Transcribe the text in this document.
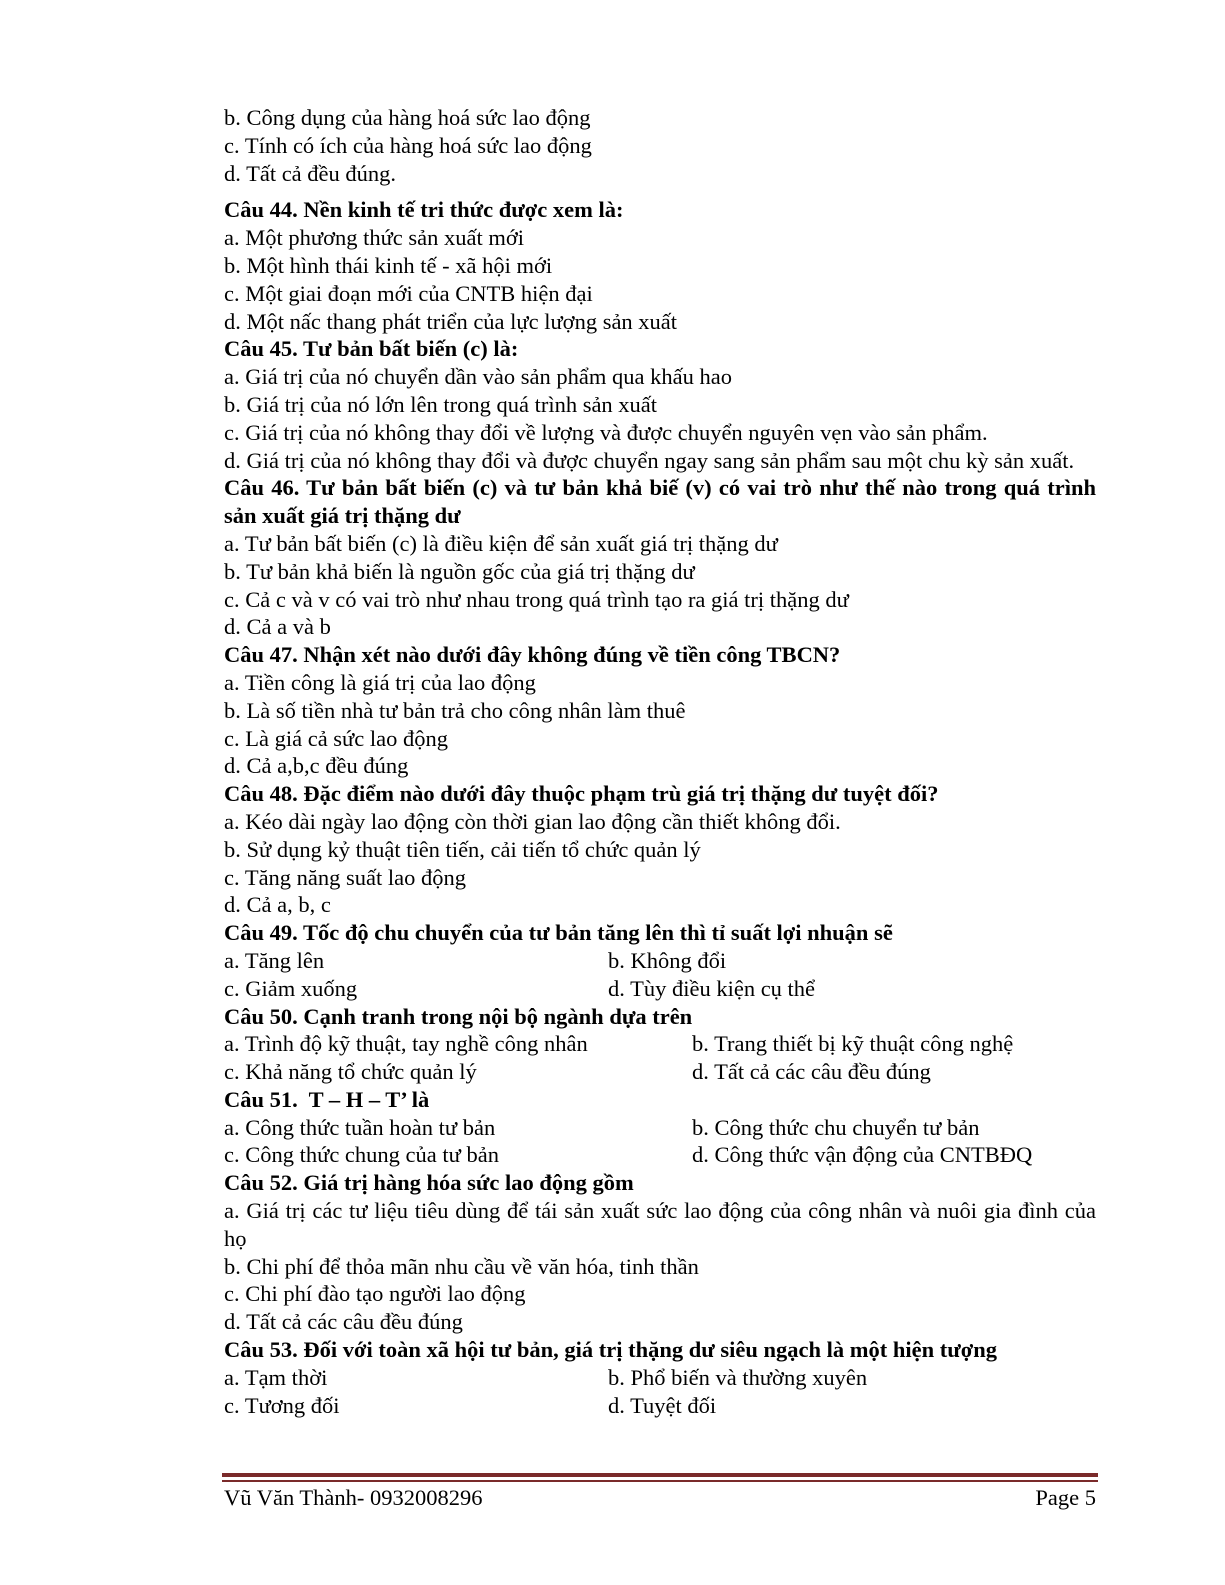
b. Công dụng của hàng hoá sức lao động
c. Tính có ích của hàng hoá sức lao động
d. Tất cả đều đúng.
Câu 44. Nền kinh tế tri thức được xem là:
a. Một phương thức sản xuất mới
b. Một hình thái kinh tế - xã hội mới
c. Một giai đoạn mới của CNTB hiện đại
d. Một nấc thang phát triển của lực lượng sản xuất
Câu 45. Tư bản bất biến (c) là:
a. Giá trị của nó chuyển dần vào sản phẩm qua khấu hao
b. Giá trị của nó lớn lên trong quá trình sản xuất
c. Giá trị của nó không thay đổi về lượng và được chuyển nguyên vẹn vào sản phẩm.
d. Giá trị của nó không thay đổi và được chuyển ngay sang sản phẩm sau một chu kỳ sản xuất.
Câu 46. Tư bản bất biến (c) và tư bản khả biế (v) có vai trò như thế nào trong quá trình sản xuất giá trị thặng dư
a. Tư bản bất biến (c) là điều kiện để sản xuất giá trị thặng dư
b. Tư bản khả biến là nguồn gốc của giá trị thặng dư
c. Cả c và v có vai trò như nhau trong quá trình tạo ra giá trị thặng dư
d. Cả a và b
Câu 47. Nhận xét nào dưới đây không đúng về tiền công TBCN?
a. Tiền công là giá trị của lao động
b. Là số tiền nhà tư bản trả cho công nhân làm thuê
c. Là giá cả sức lao động
d. Cả a,b,c đều đúng
Câu 48. Đặc điểm nào dưới đây thuộc phạm trù giá trị thặng dư tuyệt đối?
a. Kéo dài ngày lao động còn thời gian lao động cần thiết không đổi.
b. Sử dụng kỷ thuật tiên tiến, cải tiến tổ chức quản lý
c. Tăng năng suất lao động
d. Cả a, b, c
Câu 49. Tốc độ chu chuyển của tư bản tăng lên thì tỉ suất lợi nhuận sẽ
a. Tăng lên	b. Không đổi
c. Giảm xuống	d. Tùy điều kiện cụ thể
Câu 50. Cạnh tranh trong nội bộ ngành dựa trên
a. Trình độ kỹ thuật, tay nghề công nhân	b. Trang thiết bị kỹ thuật công nghệ
c. Khả năng tổ chức quản lý	d. Tất cả các câu đều đúng
Câu 51.  T – H – T’ là
a. Công thức tuần hoàn tư bản	b. Công thức chu chuyển tư bản
c. Công thức chung của tư bản	d. Công thức vận động của CNTBĐQ
Câu 52. Giá trị hàng hóa sức lao động gồm
a. Giá trị các tư liệu tiêu dùng để tái sản xuất sức lao động của công nhân và nuôi gia đình của họ
b. Chi phí để thỏa mãn nhu cầu về văn hóa, tinh thần
c. Chi phí đào tạo người lao động
d. Tất cả các câu đều đúng
Câu 53. Đối với toàn xã hội tư bản, giá trị thặng dư siêu ngạch là một hiện tượng
a. Tạm thời	b. Phổ biến và thường xuyên
c. Tương đối	d. Tuyệt đối
Vũ Văn Thành- 0932008296	Page 5
